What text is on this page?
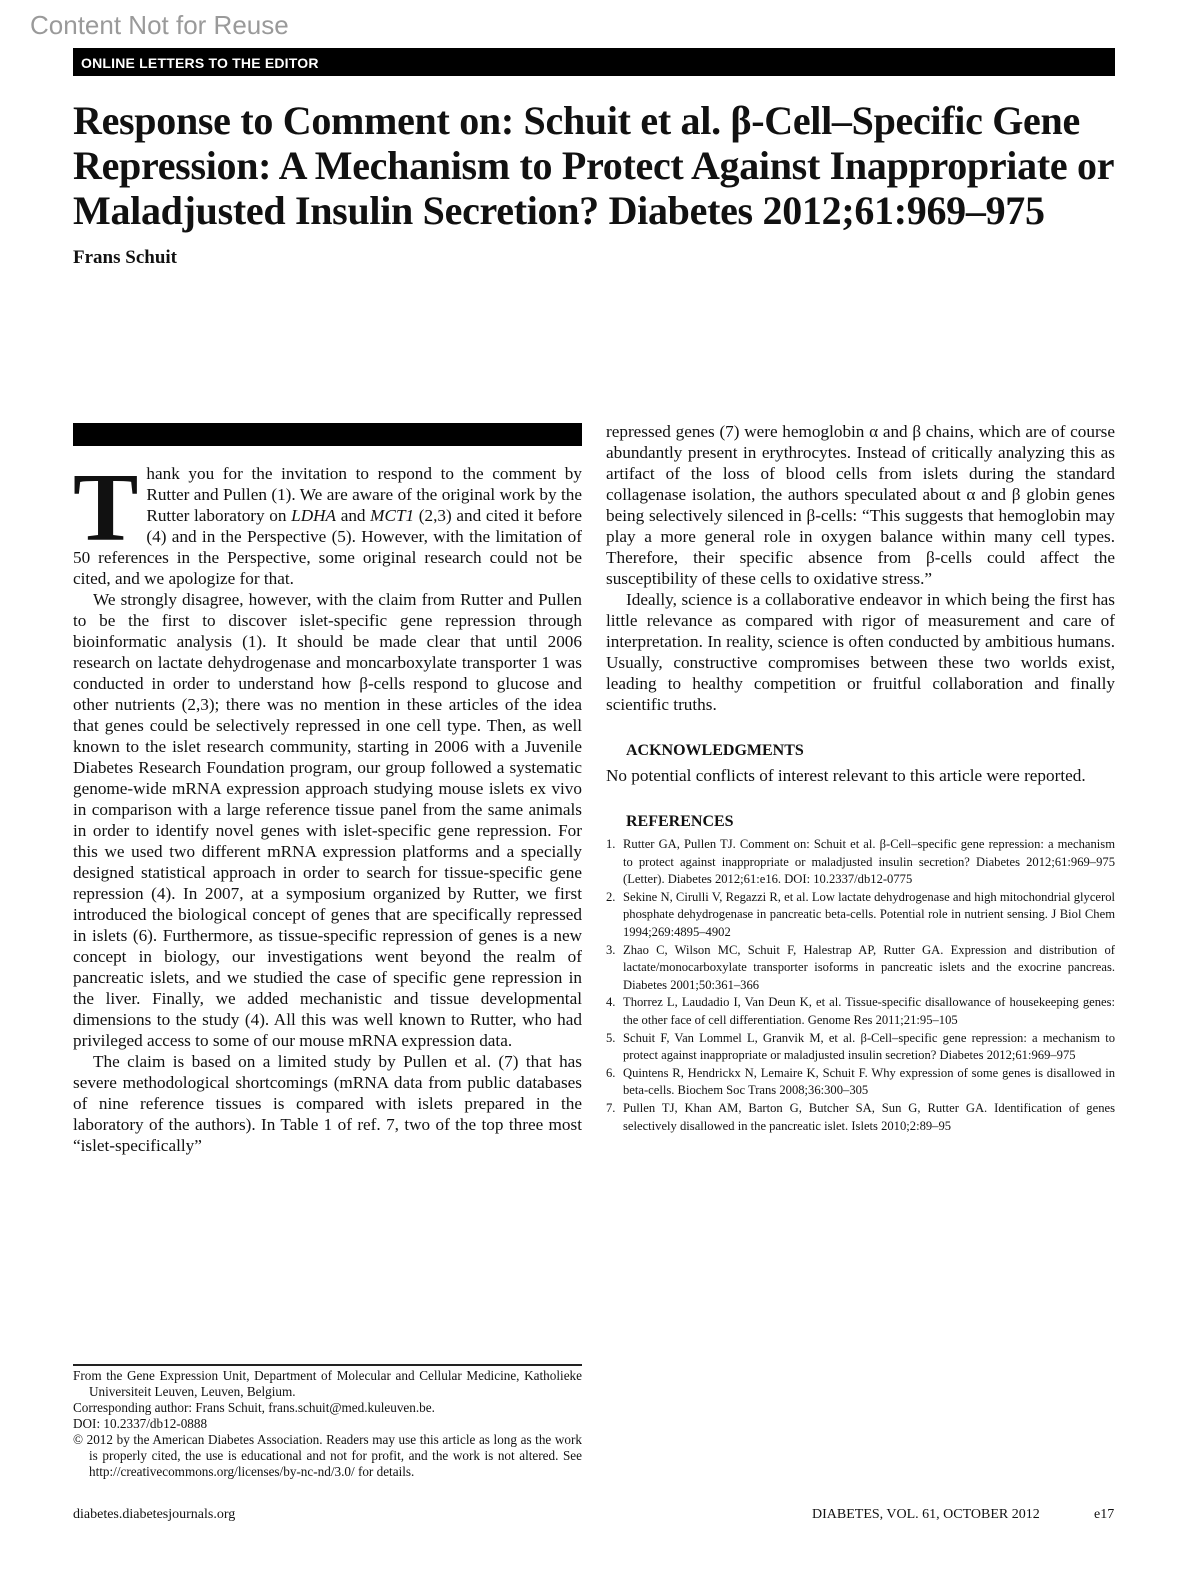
Content Not for Reuse
ONLINE LETTERS TO THE EDITOR
Response to Comment on: Schuit et al. β-Cell–Specific Gene Repression: A Mechanism to Protect Against Inappropriate or Maladjusted Insulin Secretion? Diabetes 2012;61:969–975
Frans Schuit

Thank you for the invitation to respond to the comment by Rutter and Pullen (1). We are aware of the original work by the Rutter laboratory on LDHA and MCT1 (2,3) and cited it before (4) and in the Perspective (5). However, with the limitation of 50 references in the Perspective, some original research could not be cited, and we apologize for that.

We strongly disagree, however, with the claim from Rutter and Pullen to be the first to discover islet-specific gene repression through bioinformatic analysis (1). It should be made clear that until 2006 research on lactate dehydrogenase and moncarboxylate transporter 1 was conducted in order to understand how β-cells respond to glucose and other nutrients (2,3); there was no mention in these articles of the idea that genes could be selectively repressed in one cell type. Then, as well known to the islet research community, starting in 2006 with a Juvenile Diabetes Research Foundation program, our group followed a systematic genome-wide mRNA expression approach studying mouse islets ex vivo in comparison with a large reference tissue panel from the same animals in order to identify novel genes with islet-specific gene repression. For this we used two different mRNA expression platforms and a specially designed statistical approach in order to search for tissue-specific gene repression (4). In 2007, at a symposium organized by Rutter, we first introduced the biological concept of genes that are specifically repressed in islets (6). Furthermore, as tissue-specific repression of genes is a new concept in biology, our investigations went beyond the realm of pancreatic islets, and we studied the case of specific gene repression in the liver. Finally, we added mechanistic and tissue developmental dimensions to the study (4). All this was well known to Rutter, who had privileged access to some of our mouse mRNA expression data.

The claim is based on a limited study by Pullen et al. (7) that has severe methodological shortcomings (mRNA data from public databases of nine reference tissues is compared with islets prepared in the laboratory of the authors). In Table 1 of ref. 7, two of the top three most “islet-specifically”

From the Gene Expression Unit, Department of Molecular and Cellular Medicine, Katholieke Universiteit Leuven, Leuven, Belgium.
Corresponding author: Frans Schuit, frans.schuit@med.kuleuven.be.
DOI: 10.2337/db12-0888
© 2012 by the American Diabetes Association. Readers may use this article as long as the work is properly cited, the use is educational and not for profit, and the work is not altered. See http://creativecommons.org/licenses/by-nc-nd/3.0/ for details.

repressed genes (7) were hemoglobin α and β chains, which are of course abundantly present in erythrocytes. Instead of critically analyzing this as artifact of the loss of blood cells from islets during the standard collagenase isolation, the authors speculated about α and β globin genes being selectively silenced in β-cells: “This suggests that hemoglobin may play a more general role in oxygen balance within many cell types. Therefore, their specific absence from β-cells could affect the susceptibility of these cells to oxidative stress.”

Ideally, science is a collaborative endeavor in which being the first has little relevance as compared with rigor of measurement and care of interpretation. In reality, science is often conducted by ambitious humans. Usually, constructive compromises between these two worlds exist, leading to healthy competition or fruitful collaboration and finally scientific truths.

ACKNOWLEDGMENTS

No potential conflicts of interest relevant to this article were reported.

REFERENCES

1. Rutter GA, Pullen TJ. Comment on: Schuit et al. β-Cell–specific gene repression: a mechanism to protect against inappropriate or maladjusted insulin secretion? Diabetes 2012;61:969–975 (Letter). Diabetes 2012;61:e16. DOI: 10.2337/db12-0775
2. Sekine N, Cirulli V, Regazzi R, et al. Low lactate dehydrogenase and high mitochondrial glycerol phosphate dehydrogenase in pancreatic beta-cells. Potential role in nutrient sensing. J Biol Chem 1994;269:4895–4902
3. Zhao C, Wilson MC, Schuit F, Halestrap AP, Rutter GA. Expression and distribution of lactate/monocarboxylate transporter isoforms in pancreatic islets and the exocrine pancreas. Diabetes 2001;50:361–366
4. Thorrez L, Laudadio I, Van Deun K, et al. Tissue-specific disallowance of housekeeping genes: the other face of cell differentiation. Genome Res 2011;21:95–105
5. Schuit F, Van Lommel L, Granvik M, et al. β-Cell–specific gene repression: a mechanism to protect against inappropriate or maladjusted insulin secretion? Diabetes 2012;61:969–975
6. Quintens R, Hendrickx N, Lemaire K, Schuit F. Why expression of some genes is disallowed in beta-cells. Biochem Soc Trans 2008;36:300–305
7. Pullen TJ, Khan AM, Barton G, Butcher SA, Sun G, Rutter GA. Identification of genes selectively disallowed in the pancreatic islet. Islets 2010;2:89–95
diabetes.diabetesjournals.org	DIABETES, VOL. 61, OCTOBER 2012	e17
